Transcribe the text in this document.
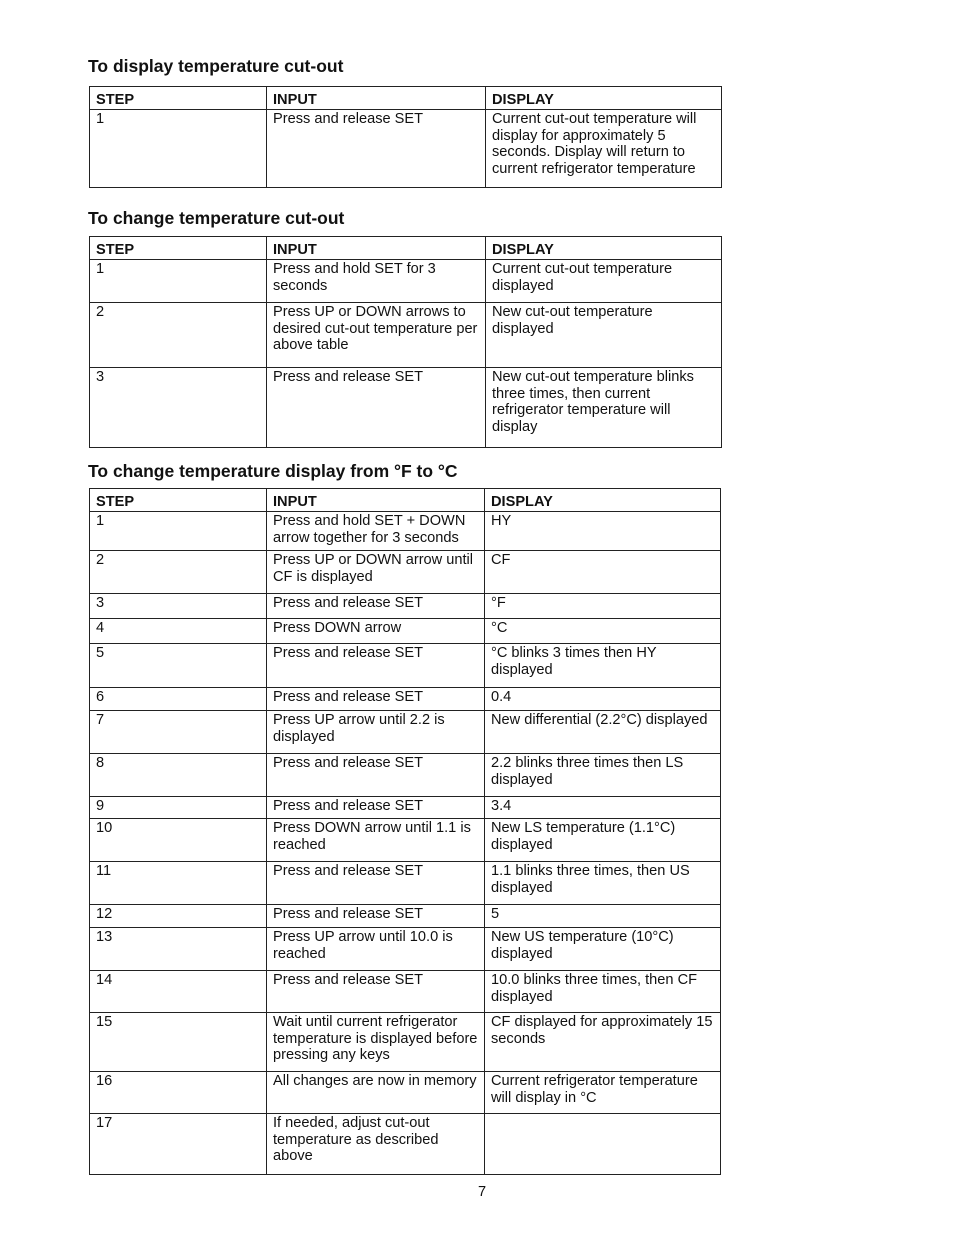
To display temperature cut-out
STEP	INPUT	DISPLAY
1	Press and release SET	Current cut-out temperature will display for approximately 5 seconds. Display will return to current refrigerator temperature
To change temperature cut-out
STEP	INPUT	DISPLAY
1	Press and hold SET for 3 seconds	Current cut-out temperature displayed
2	Press UP or DOWN arrows to desired cut-out temperature per above table	New cut-out temperature displayed
3	Press and release SET	New cut-out temperature blinks three times, then current refrigerator temperature will display
To change temperature display from °F to °C
STEP	INPUT	DISPLAY
1	Press and hold SET + DOWN arrow together for 3 seconds	HY
2	Press UP or DOWN arrow until CF is displayed	CF
3	Press and release SET	°F
4	Press DOWN arrow	°C
5	Press and release SET	°C blinks 3 times then HY displayed
6	Press and release SET	0.4
7	Press UP arrow until 2.2 is displayed	New differential (2.2°C) displayed
8	Press and release SET	2.2 blinks three times then LS displayed
9	Press and release SET	3.4
10	Press DOWN arrow until 1.1 is reached	New LS temperature (1.1°C) displayed
11	Press and release SET	1.1 blinks three times, then US displayed
12	Press and release SET	5
13	Press UP arrow until 10.0 is reached	New US temperature (10°C) displayed
14	Press and release SET	10.0 blinks three times, then CF displayed
15	Wait until current refrigerator temperature is displayed before pressing any keys	CF displayed for approximately 15 seconds
16	All changes are now in memory	Current refrigerator temperature will display in °C
17	If needed, adjust cut-out temperature as described above	
7
